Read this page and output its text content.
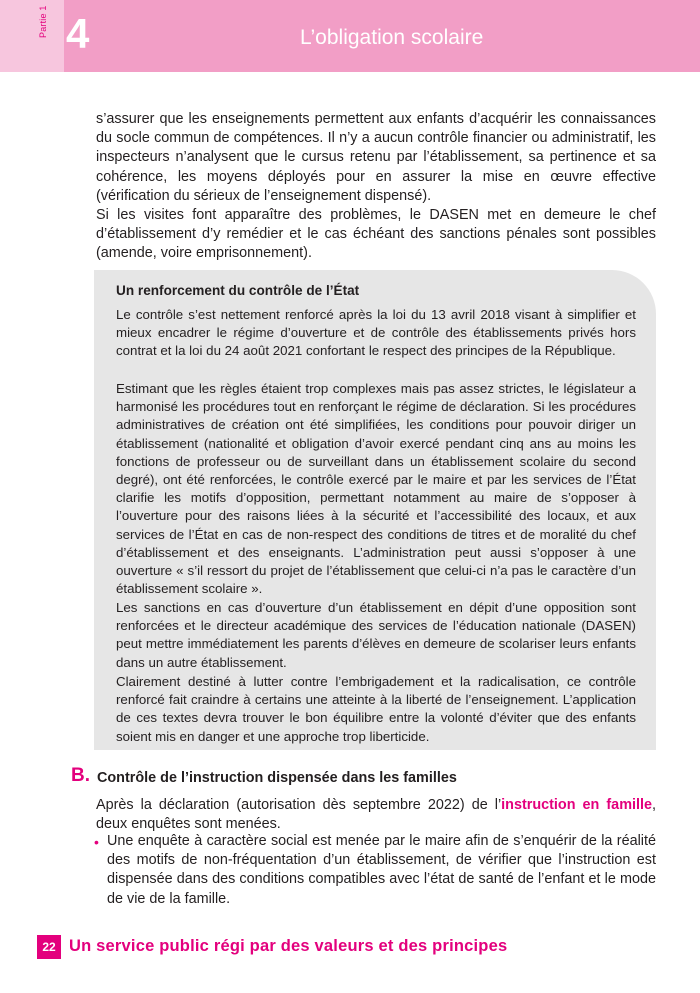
Partie 1 4	L’obligation scolaire

s’assurer que les enseignements permettent aux enfants d’acquérir les connaissances du socle commun de compétences. Il n’y a aucun contrôle financier ou administratif, les inspecteurs n’analysent que le cursus retenu par l’établissement, sa pertinence et sa cohérence, les moyens déployés pour en assurer la mise en œuvre effective (vérification du sérieux de l’enseignement dispensé).

Si les visites font apparaître des problèmes, le DASEN met en demeure le chef d’établissement d’y remédier et le cas échéant des sanctions pénales sont possibles (amende, voire emprisonnement).

Un renforcement du contrôle de l’État

Le contrôle s’est nettement renforcé après la loi du 13 avril 2018 visant à simplifier et mieux encadrer le régime d’ouverture et de contrôle des établissements privés hors contrat et la loi du 24 août 2021 confortant le respect des principes de la République.

Estimant que les règles étaient trop complexes mais pas assez strictes, le législateur a harmonisé les procédures tout en renforçant le régime de déclaration. Si les procédures administratives de création ont été simplifiées, les conditions pour pouvoir diriger un établissement (nationalité et obligation d’avoir exercé pendant cinq ans au moins les fonctions de professeur ou de surveillant dans un établissement scolaire du second degré), ont été renforcées, le contrôle exercé par le maire et par les services de l’État clarifie les motifs d’opposition, permettant notamment au maire de s’opposer à l’ouverture pour des raisons liées à la sécurité et l’accessibilité des locaux, et aux services de l’État en cas de non-respect des conditions de titres et de moralité du chef d’établissement et des enseignants. L’administration peut aussi s’opposer à une ouverture « s’il ressort du projet de l’établissement que celui-ci n’a pas le caractère d’un établissement scolaire ».

Les sanctions en cas d’ouverture d’un établissement en dépit d’une opposition sont renforcées et le directeur académique des services de l’éducation nationale (DASEN) peut mettre immédiatement les parents d’élèves en demeure de scolariser leurs enfants dans un autre établissement.

Clairement destiné à lutter contre l’embrigadement et la radicalisation, ce contrôle renforcé fait craindre à certains une atteinte à la liberté de l’enseignement. L’application de ces textes devra trouver le bon équilibre entre la volonté d’éviter que des enfants soient mis en danger et une approche trop liberticide.

B. Contrôle de l’instruction dispensée dans les familles

Après la déclaration (autorisation dès septembre 2022) de l’instruction en famille, deux enquêtes sont menées.

• Une enquête à caractère social est menée par le maire afin de s’enquérir de la réalité des motifs de non-fréquentation d’un établissement, de vérifier que l’instruction est dispensée dans des conditions compatibles avec l’état de santé de l’enfant et le mode de vie de la famille.

22 Un service public régi par des valeurs et des principes
